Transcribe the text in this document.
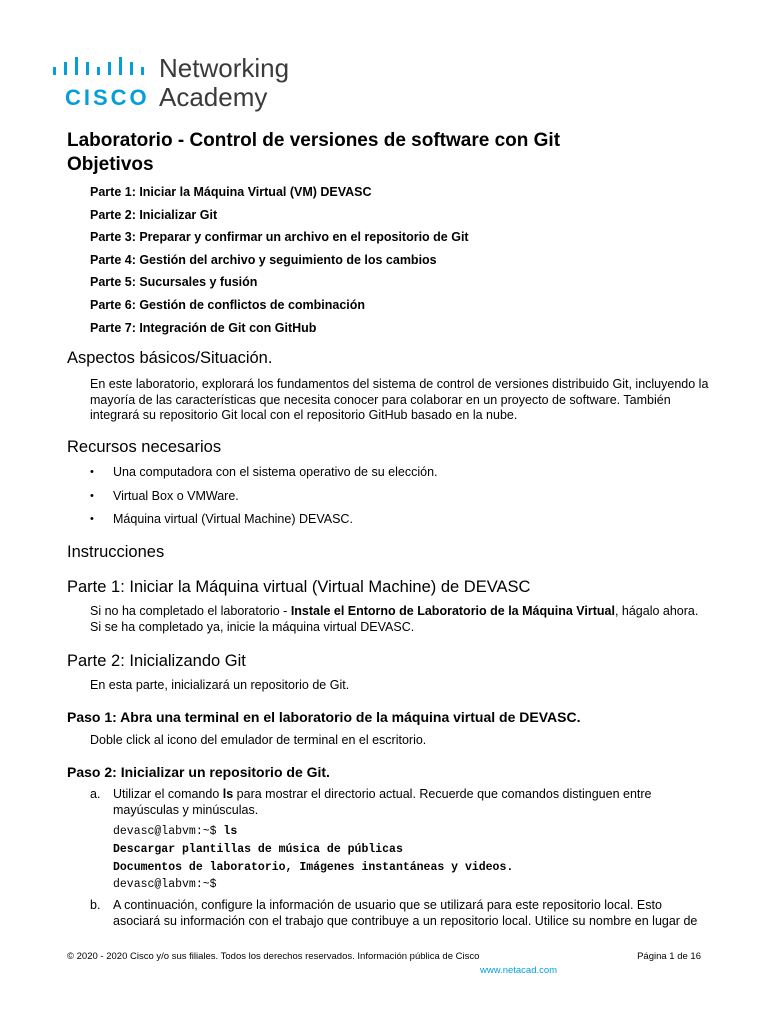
CISCO
Networking
Academy
Laboratorio - Control de versiones de software con Git
Objetivos
Parte 1: Iniciar la Máquina Virtual (VM) DEVASC
Parte 2: Inicializar Git
Parte 3: Preparar y confirmar un archivo en el repositorio de Git
Parte 4: Gestión del archivo y seguimiento de los cambios
Parte 5: Sucursales y fusión
Parte 6: Gestión de conflictos de combinación
Parte 7: Integración de Git con GitHub
Aspectos básicos/Situación.
En este laboratorio, explorará los fundamentos del sistema de control de versiones distribuido Git, incluyendo la mayoría de las características que necesita conocer para colaborar en un proyecto de software. También integrará su repositorio Git local con el repositorio GitHub basado en la nube.
Recursos necesarios
• Una computadora con el sistema operativo de su elección.
• Virtual Box o VMWare.
• Máquina virtual (Virtual Machine) DEVASC.
Instrucciones
Parte 1: Iniciar la Máquina virtual (Virtual Machine) de DEVASC
Si no ha completado el laboratorio - Instale el Entorno de Laboratorio de la Máquina Virtual, hágalo ahora. Si se ha completado ya, inicie la máquina virtual DEVASC.
Parte 2: Inicializando Git
En esta parte, inicializará un repositorio de Git.
Paso 1: Abra una terminal en el laboratorio de la máquina virtual de DEVASC.
Doble click al icono del emulador de terminal en el escritorio.
Paso 2: Inicializar un repositorio de Git.
a. Utilizar el comando ls para mostrar el directorio actual. Recuerde que comandos distinguen entre mayúsculas y minúsculas.
devasc@labvm:~$ ls
Descargar plantillas de música de públicas
Documentos de laboratorio, Imágenes instantáneas y videos.
devasc@labvm:~$
b. A continuación, configure la información de usuario que se utilizará para este repositorio local. Esto asociará su información con el trabajo que contribuye a un repositorio local. Utilice su nombre en lugar de
© 2020 - 2020 Cisco y/o sus filiales. Todos los derechos reservados. Información pública de Cisco	Página 1 de 16
www.netacad.com
